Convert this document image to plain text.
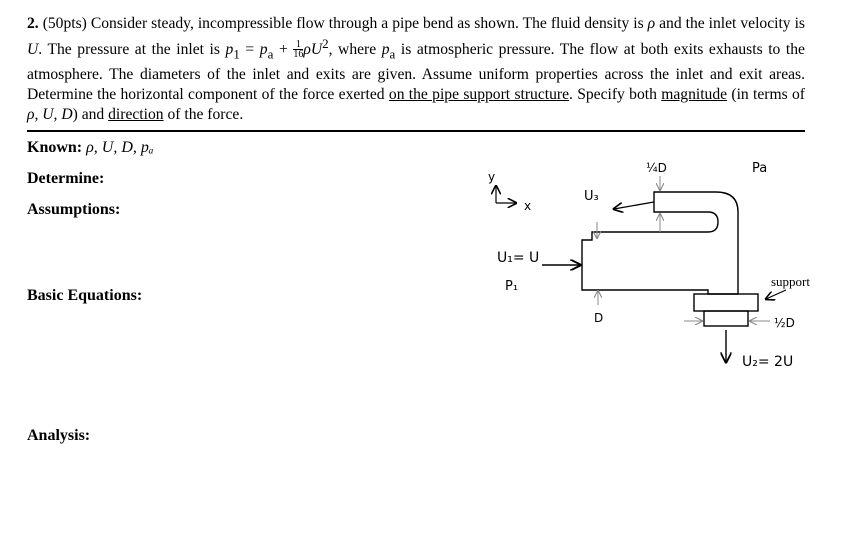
2. (50pts) Consider steady, incompressible flow through a pipe bend as shown. The fluid density is ρ and the inlet velocity is U. The pressure at the inlet is $p_1 = p_a + \frac{1}{16} \rho U^2$, where $p_a$ is atmospheric pressure. The flow at both exits exhausts to the atmosphere. The diameters of the inlet and exits are given. Assume uniform properties across the inlet and exit areas. Determine the horizontal component of the force exerted on the pipe support structure. Specify both magnitude (in terms of ρ, U, D) and direction of the force.
Known: ρ, U, D, pₐ
Determine:
Assumptions:
Basic Equations:
Analysis:
y
x
U₁= U
P₁
D
U₃
¼D	Pa
support
½D
U₂= 2U
